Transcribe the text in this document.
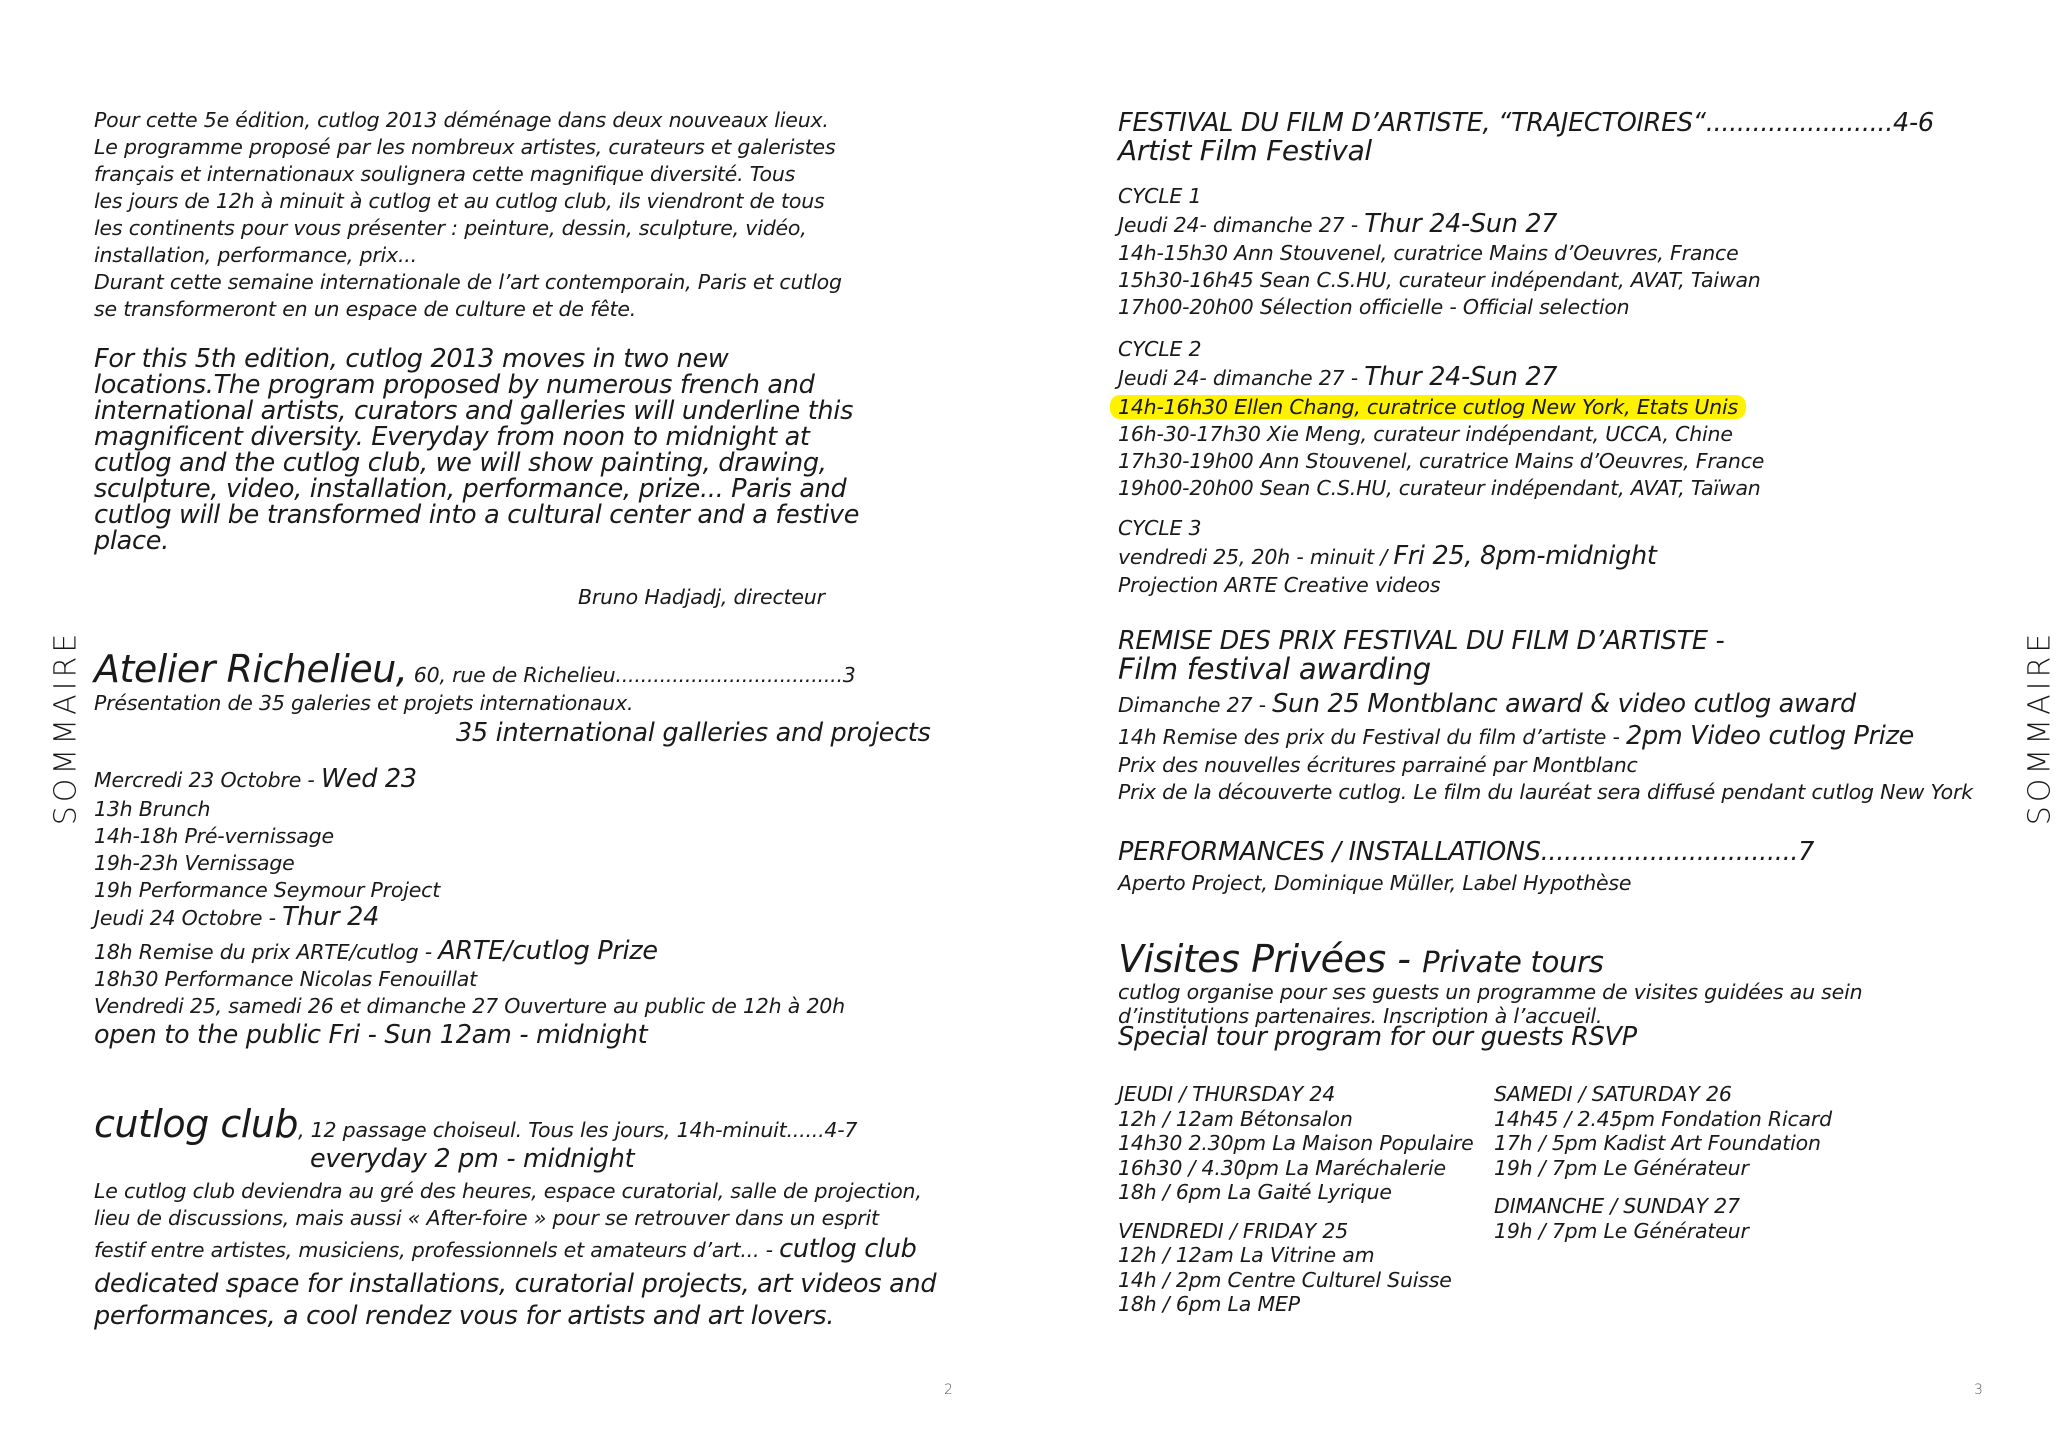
Pour cette 5e édition, cutlog 2013 déménage dans deux nouveaux lieux.
Le programme proposé par les nombreux artistes, curateurs et galeristes
français et internationaux soulignera cette magnifique diversité. Tous
les jours de 12h à minuit à cutlog et au cutlog club, ils viendront de tous
les continents pour vous présenter : peinture, dessin, sculpture, vidéo,
installation, performance, prix...
Durant cette semaine internationale de l’art contemporain, Paris et cutlog
se transformeront en un espace de culture et de fête.
For this 5th edition, cutlog 2013 moves in two new
locations.The program proposed by numerous french and
international artists, curators and galleries will underline this
magnificent diversity. Everyday from noon to midnight at
cutlog and the cutlog club, we will show painting, drawing,
sculpture, video, installation, performance, prize... Paris and
cutlog will be transformed into a cultural center and a festive
place.
Bruno Hadjadj, directeur
Atelier Richelieu, 60, rue de Richelieu....................................3
Présentation de 35 galeries et projets internationaux.
35 international galleries and projects
Mercredi 23 Octobre - Wed 23
13h Brunch
14h-18h Pré-vernissage
19h-23h Vernissage
19h Performance Seymour Project
Jeudi 24 Octobre - Thur 24
18h Remise du prix ARTE/cutlog - ARTE/cutlog Prize
18h30 Performance Nicolas Fenouillat
Vendredi 25, samedi 26 et dimanche 27 Ouverture au public de 12h à 20h
open to the public Fri - Sun 12am - midnight
cutlog club, 12 passage choiseul. Tous les jours, 14h-minuit......4-7
everyday 2 pm - midnight
Le cutlog club deviendra au gré des heures, espace curatorial, salle de projection,
lieu de discussions, mais aussi « After-foire » pour se retrouver dans un esprit
festif entre artistes, musiciens, professionnels et amateurs d’art... - cutlog club
dedicated space for installations, curatorial projects, art videos and
performances, a cool rendez vous for artists and art lovers.
SOMMAIRE
2
FESTIVAL DU FILM D’ARTISTE, “TRAJECTOIRES“........................4-6
Artist Film Festival
CYCLE 1
Jeudi 24- dimanche 27 - Thur 24-Sun 27
14h-15h30 Ann Stouvenel, curatrice Mains d’Oeuvres, France
15h30-16h45 Sean C.S.HU, curateur indépendant, AVAT, Taiwan
17h00-20h00 Sélection officielle - Official selection
CYCLE 2
Jeudi 24- dimanche 27 - Thur 24-Sun 27
14h-16h30 Ellen Chang, curatrice cutlog New York, Etats Unis
16h-30-17h30 Xie Meng, curateur indépendant, UCCA, Chine
17h30-19h00 Ann Stouvenel, curatrice Mains d’Oeuvres, France
19h00-20h00 Sean C.S.HU, curateur indépendant, AVAT, Taïwan
CYCLE 3
vendredi 25, 20h - minuit / Fri 25, 8pm-midnight
Projection ARTE Creative videos
REMISE DES PRIX FESTIVAL DU FILM D’ARTISTE -
Film festival awarding
Dimanche 27 - Sun 25 Montblanc award & video cutlog award
14h Remise des prix du Festival du film d’artiste - 2pm Video cutlog Prize
Prix des nouvelles écritures parrainé par Montblanc
Prix de la découverte cutlog. Le film du lauréat sera diffusé pendant cutlog New York
PERFORMANCES / INSTALLATIONS.................................7
Aperto Project, Dominique Müller, Label Hypothèse
Visites Privées - Private tours
cutlog organise pour ses guests un programme de visites guidées au sein
d’institutions partenaires. Inscription à l’accueil.
Special tour program for our guests RSVP
JEUDI / THURSDAY 24
12h / 12am Bétonsalon
14h30 2.30pm La Maison Populaire
16h30 / 4.30pm La Maréchalerie
18h / 6pm La Gaité Lyrique
VENDREDI / FRIDAY 25
12h / 12am La Vitrine am
14h / 2pm Centre Culturel Suisse
18h / 6pm La MEP
SAMEDI / SATURDAY 26
14h45 / 2.45pm Fondation Ricard
17h / 5pm Kadist Art Foundation
19h / 7pm Le Générateur
DIMANCHE / SUNDAY 27
19h / 7pm Le Générateur
SOMMAIRE
3
